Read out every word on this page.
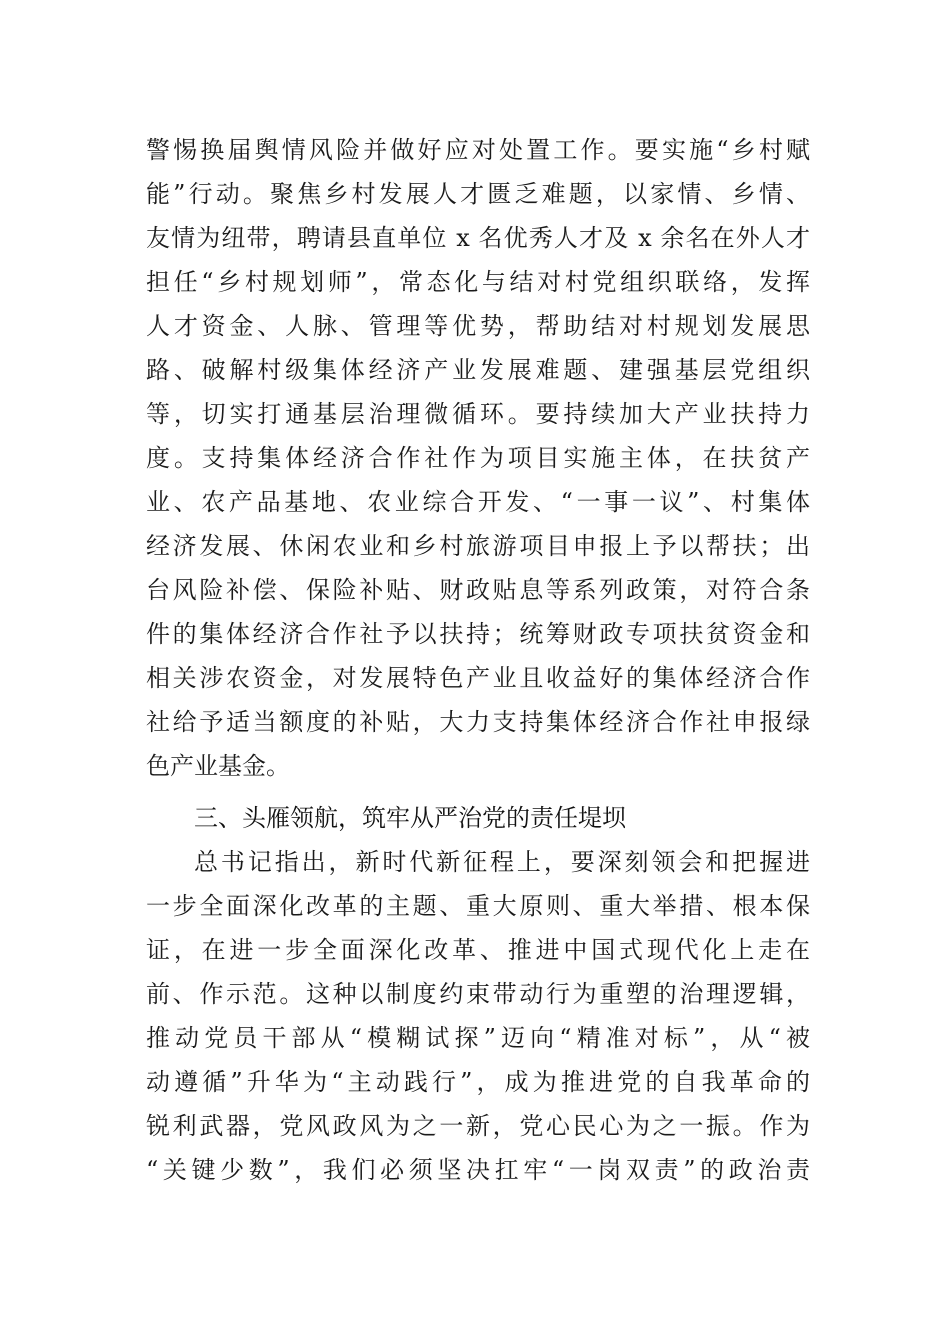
警惕换届舆情风险并做好应对处置工作。要实施“乡村赋
能”行动。聚焦乡村发展人才匮乏难题，以家情、乡情、
友情为纽带，聘请县直单位 x 名优秀人才及 x 余名在外人才
担任“乡村规划师”，常态化与结对村党组织联络，发挥
人才资金、人脉、管理等优势，帮助结对村规划发展思
路、破解村级集体经济产业发展难题、建强基层党组织
等，切实打通基层治理微循环。要持续加大产业扶持力
度。支持集体经济合作社作为项目实施主体，在扶贫产
业、农产品基地、农业综合开发、“一事一议”、村集体
经济发展、休闲农业和乡村旅游项目申报上予以帮扶；出
台风险补偿、保险补贴、财政贴息等系列政策，对符合条
件的集体经济合作社予以扶持；统筹财政专项扶贫资金和
相关涉农资金，对发展特色产业且收益好的集体经济合作
社给予适当额度的补贴，大力支持集体经济合作社申报绿
色产业基金。
三、头雁领航，筑牢从严治党的责任堤坝
总书记指出，新时代新征程上，要深刻领会和把握进
一步全面深化改革的主题、重大原则、重大举措、根本保
证，在进一步全面深化改革、推进中国式现代化上走在
前、作示范。这种以制度约束带动行为重塑的治理逻辑，
推动党员干部从“模糊试探”迈向“精准对标”，从“被
动遵循”升华为“主动践行”，成为推进党的自我革命的
锐利武器，党风政风为之一新，党心民心为之一振。作为
“关键少数”，我们必须坚决扛牢“一岗双责”的政治责
